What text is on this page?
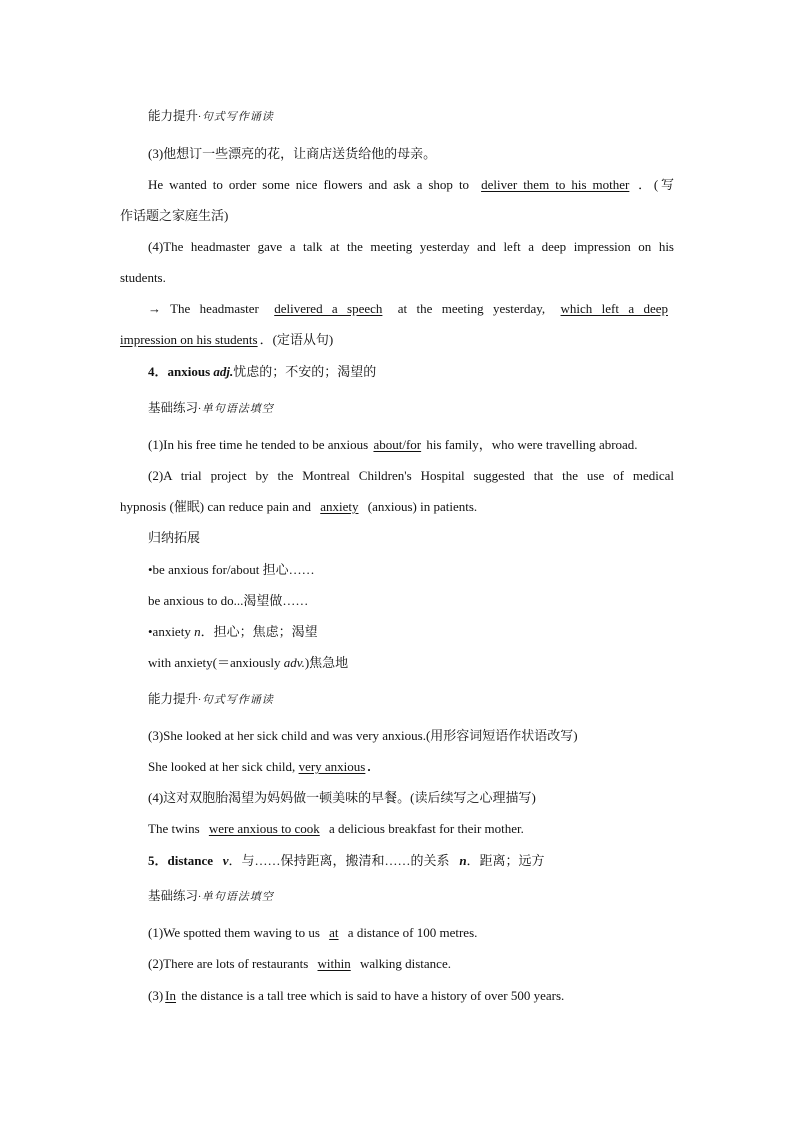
能力提升·句式写作诵读
(3)他想订一些漂亮的花，让商店送货给他的母亲。
He wanted to order some nice flowers and ask a shop to deliver them to his mother ．(写
作话题之家庭生活)
(4)The headmaster gave a talk at the meeting yesterday and left a deep impression on his
students.
→ The headmaster delivered a speech at the meeting yesterday, which left a deep
impression on his students ．(定语从句)
4．anxious adj.忧虑的；不安的；渴望的
基础练习·单句语法填空
(1)In his free time he tended to be anxious about/for his family，who were travelling abroad.
(2)A trial project by the Montreal Children's Hospital suggested that the use of medical
hypnosis (催眠) can reduce pain and anxiety (anxious) in patients.
归纳拓展
•be anxious for/about 担心……
be anxious to do...渴望做……
•anxiety n．担心；焦虑；渴望
with anxiety(＝anxiously adv.)焦急地
能力提升·句式写作诵读
(3)She looked at her sick child and was very anxious.(用形容词短语作状语改写)
She looked at her sick child, very anxious .
(4)这对双胞胎渴望为妈妈做一顿美味的早餐。(读后续写之心理描写)
The twins were anxious to cook a delicious breakfast for their mother.
5．distance v．与……保持距离，搬清和……的关系 n．距离；远方
基础练习·单句语法填空
(1)We spotted them waving to us at a distance of 100 metres.
(2)There are lots of restaurants within walking distance.
(3) In the distance is a tall tree which is said to have a history of over 500 years.
